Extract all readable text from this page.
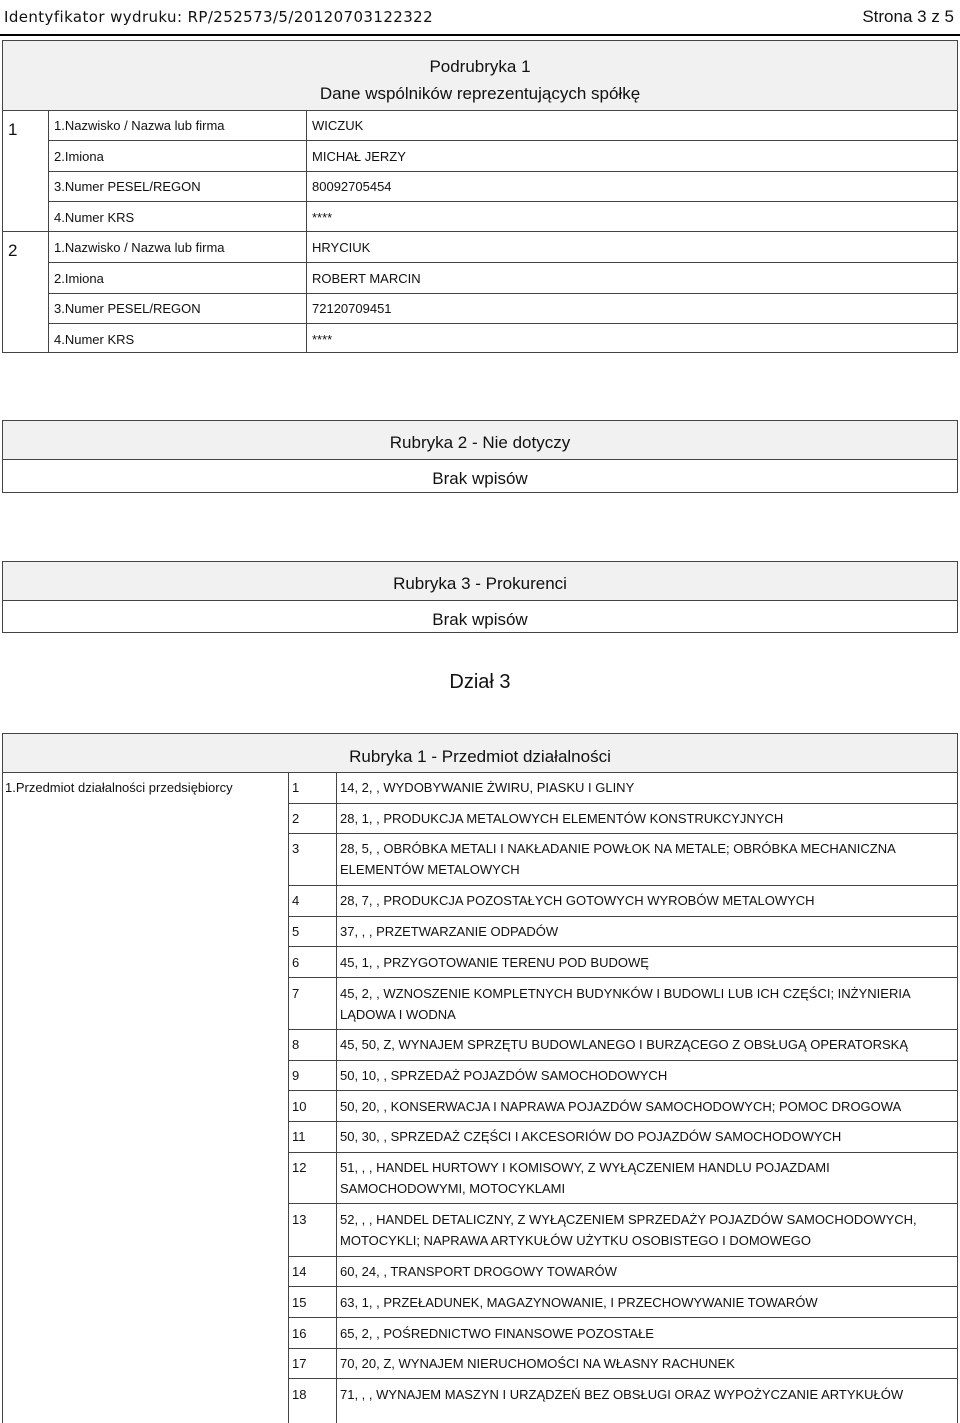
Identyfikator wydruku: RP/252573/5/20120703122322	Strona 3 z 5
Podrubryka 1
Dane wspólników reprezentujących spółkę
1	1.Nazwisko / Nazwa lub firma	WICZUK
2.Imiona	MICHAŁ JERZY
3.Numer PESEL/REGON	80092705454
4.Numer KRS	****
2	1.Nazwisko / Nazwa lub firma	HRYCIUK
2.Imiona	ROBERT MARCIN
3.Numer PESEL/REGON	72120709451
4.Numer KRS	****
Rubryka 2 - Nie dotyczy
Brak wpisów
Rubryka 3 - Prokurenci
Brak wpisów
Dział 3
Rubryka 1 - Przedmiot działalności
1.Przedmiot działalności przedsiębiorcy	1	14, 2, , WYDOBYWANIE ŻWIRU, PIASKU I GLINY
2	28, 1, , PRODUKCJA METALOWYCH ELEMENTÓW KONSTRUKCYJNYCH
3	28, 5, , OBRÓBKA METALI I NAKŁADANIE POWŁOK NA METALE; OBRÓBKA MECHANICZNA ELEMENTÓW METALOWYCH
4	28, 7, , PRODUKCJA POZOSTAŁYCH GOTOWYCH WYROBÓW METALOWYCH
5	37, , , PRZETWARZANIE ODPADÓW
6	45, 1, , PRZYGOTOWANIE TERENU POD BUDOWĘ
7	45, 2, , WZNOSZENIE KOMPLETNYCH BUDYNKÓW I BUDOWLI LUB ICH CZĘŚCI; INŻYNIERIA LĄDOWA I WODNA
8	45, 50, Z, WYNAJEM SPRZĘTU BUDOWLANEGO I BURZĄCEGO Z OBSŁUGĄ OPERATORSKĄ
9	50, 10, , SPRZEDAŻ POJAZDÓW SAMOCHODOWYCH
10	50, 20, , KONSERWACJA I NAPRAWA POJAZDÓW SAMOCHODOWYCH; POMOC DROGOWA
11	50, 30, , SPRZEDAŻ CZĘŚCI I AKCESORIÓW DO POJAZDÓW SAMOCHODOWYCH
12	51, , , HANDEL HURTOWY I KOMISOWY, Z WYŁĄCZENIEM HANDLU POJAZDAMI SAMOCHODOWYMI, MOTOCYKLAMI
13	52, , , HANDEL DETALICZNY, Z WYŁĄCZENIEM SPRZEDAŻY POJAZDÓW SAMOCHODOWYCH, MOTOCYKLI; NAPRAWA ARTYKUŁÓW UŻYTKU OSOBISTEGO I DOMOWEGO
14	60, 24, , TRANSPORT DROGOWY TOWARÓW
15	63, 1, , PRZEŁADUNEK, MAGAZYNOWANIE, I PRZECHOWYWANIE TOWARÓW
16	65, 2, , POŚREDNICTWO FINANSOWE POZOSTAŁE
17	70, 20, Z, WYNAJEM NIERUCHOMOŚCI NA WŁASNY RACHUNEK
18	71, , , WYNAJEM MASZYN I URZĄDZEŃ BEZ OBSŁUGI ORAZ WYPOŻYCZANIE ARTYKUŁÓW
